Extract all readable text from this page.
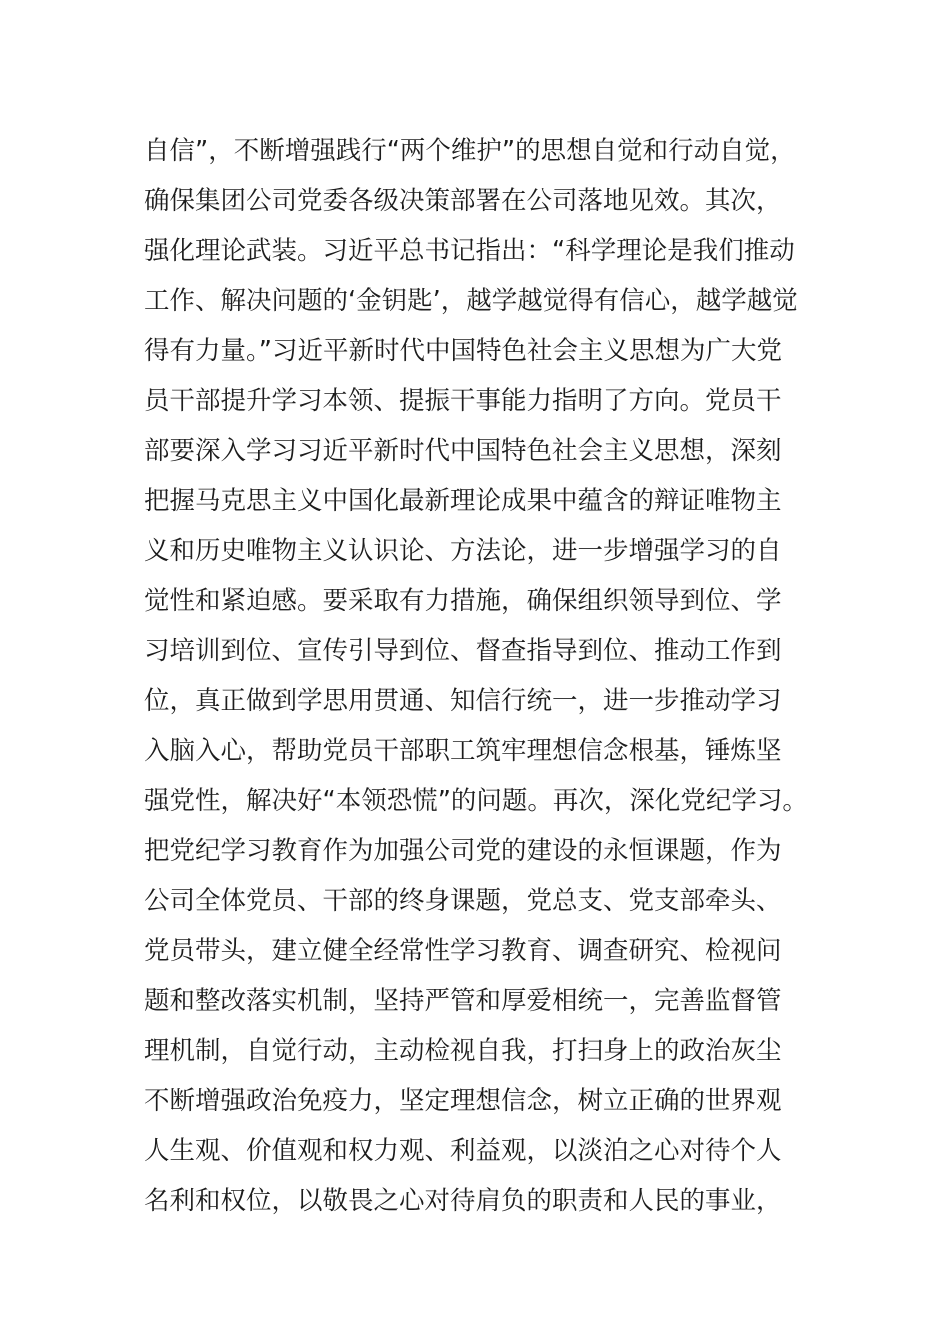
自信”，不断增强践行“两个维护”的思想自觉和行动自觉，
确保集团公司党委各级决策部署在公司落地见效。其次，
强化理论武装。习近平总书记指出：“科学理论是我们推动
工作、解决问题的‘金钥匙’，越学越觉得有信心，越学越觉
得有力量。”习近平新时代中国特色社会主义思想为广大党
员干部提升学习本领、提振干事能力指明了方向。党员干
部要深入学习习近平新时代中国特色社会主义思想，深刻
把握马克思主义中国化最新理论成果中蕴含的辩证唯物主
义和历史唯物主义认识论、方法论，进一步增强学习的自
觉性和紧迫感。要采取有力措施，确保组织领导到位、学
习培训到位、宣传引导到位、督查指导到位、推动工作到
位，真正做到学思用贯通、知信行统一，进一步推动学习
入脑入心，帮助党员干部职工筑牢理想信念根基，锤炼坚
强党性，解决好“本领恐慌”的问题。再次，深化党纪学习。
把党纪学习教育作为加强公司党的建设的永恒课题，作为
公司全体党员、干部的终身课题，党总支、党支部牵头、
党员带头，建立健全经常性学习教育、调查研究、检视问
题和整改落实机制，坚持严管和厚爱相统一，完善监督管
理机制，自觉行动，主动检视自我，打扫身上的政治灰尘
不断增强政治免疫力，坚定理想信念，树立正确的世界观
人生观、价值观和权力观、利益观，以淡泊之心对待个人
名利和权位，以敬畏之心对待肩负的职责和人民的事业，
